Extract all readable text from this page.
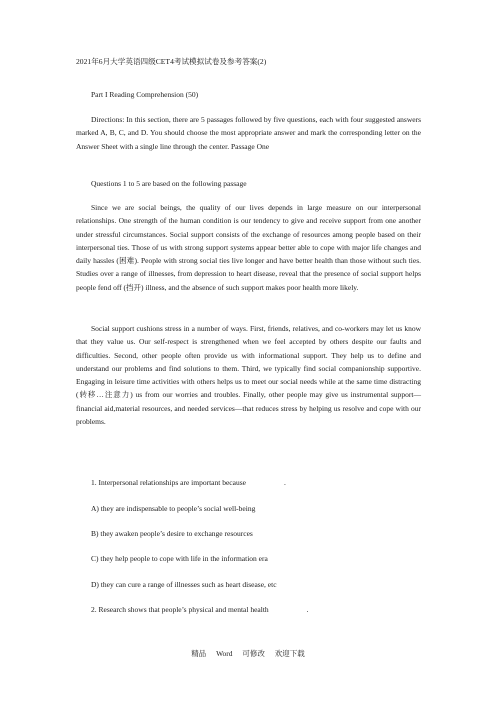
2021年6月大学英语四级CET4考试模拟试卷及参考答案(2)
Part I Reading Comprehension (50)
Directions: In this section, there are 5 passages followed by five questions, each with four suggested answers marked A, B, C, and D. You should choose the most appropriate answer and mark the corresponding letter on the Answer Sheet with a single line through the center. Passage One
Questions 1 to 5 are based on the following passage
Since we are social beings, the quality of our lives depends in large measure on our interpersonal relationships. One strength of the human condition is our tendency to give and receive support from one another under stressful circumstances. Social support consists of the exchange of resources among people based on their interpersonal ties. Those of us with strong support systems appear better able to cope with major life changes and daily hassles (困难). People with strong social ties live longer and have better health than those without such ties. Studies over a range of illnesses, from depression to heart disease, reveal that the presence of social support helps people fend off (挡开) illness, and the absence of such support makes poor health more likely.
Social support cushions stress in a number of ways. First, friends, relatives, and co-workers may let us know that they value us. Our self-respect is strengthened when we feel accepted by others despite our faults and difficulties. Second, other people often provide us with informational support. They help us to define and understand our problems and find solutions to them. Third, we typically find social companionship supportive. Engaging in leisure time activities with others helps us to meet our social needs while at the same time distracting (转移…注意力) us from our worries and troubles. Finally, other people may give us instrumental support—financial aid,material resources, and needed services—that reduces stress by helping us resolve and cope with our problems.
1. Interpersonal relationships are important because	.
A) they are indispensable to people’s social well-being
B) they awaken people’s desire to exchange resources
C) they help people to cope with life in the information era
D) they can cure a range of illnesses such as heart disease, etc
2. Research shows that people’s physical and mental health	.
精品 Word 可修改 欢迎下载
